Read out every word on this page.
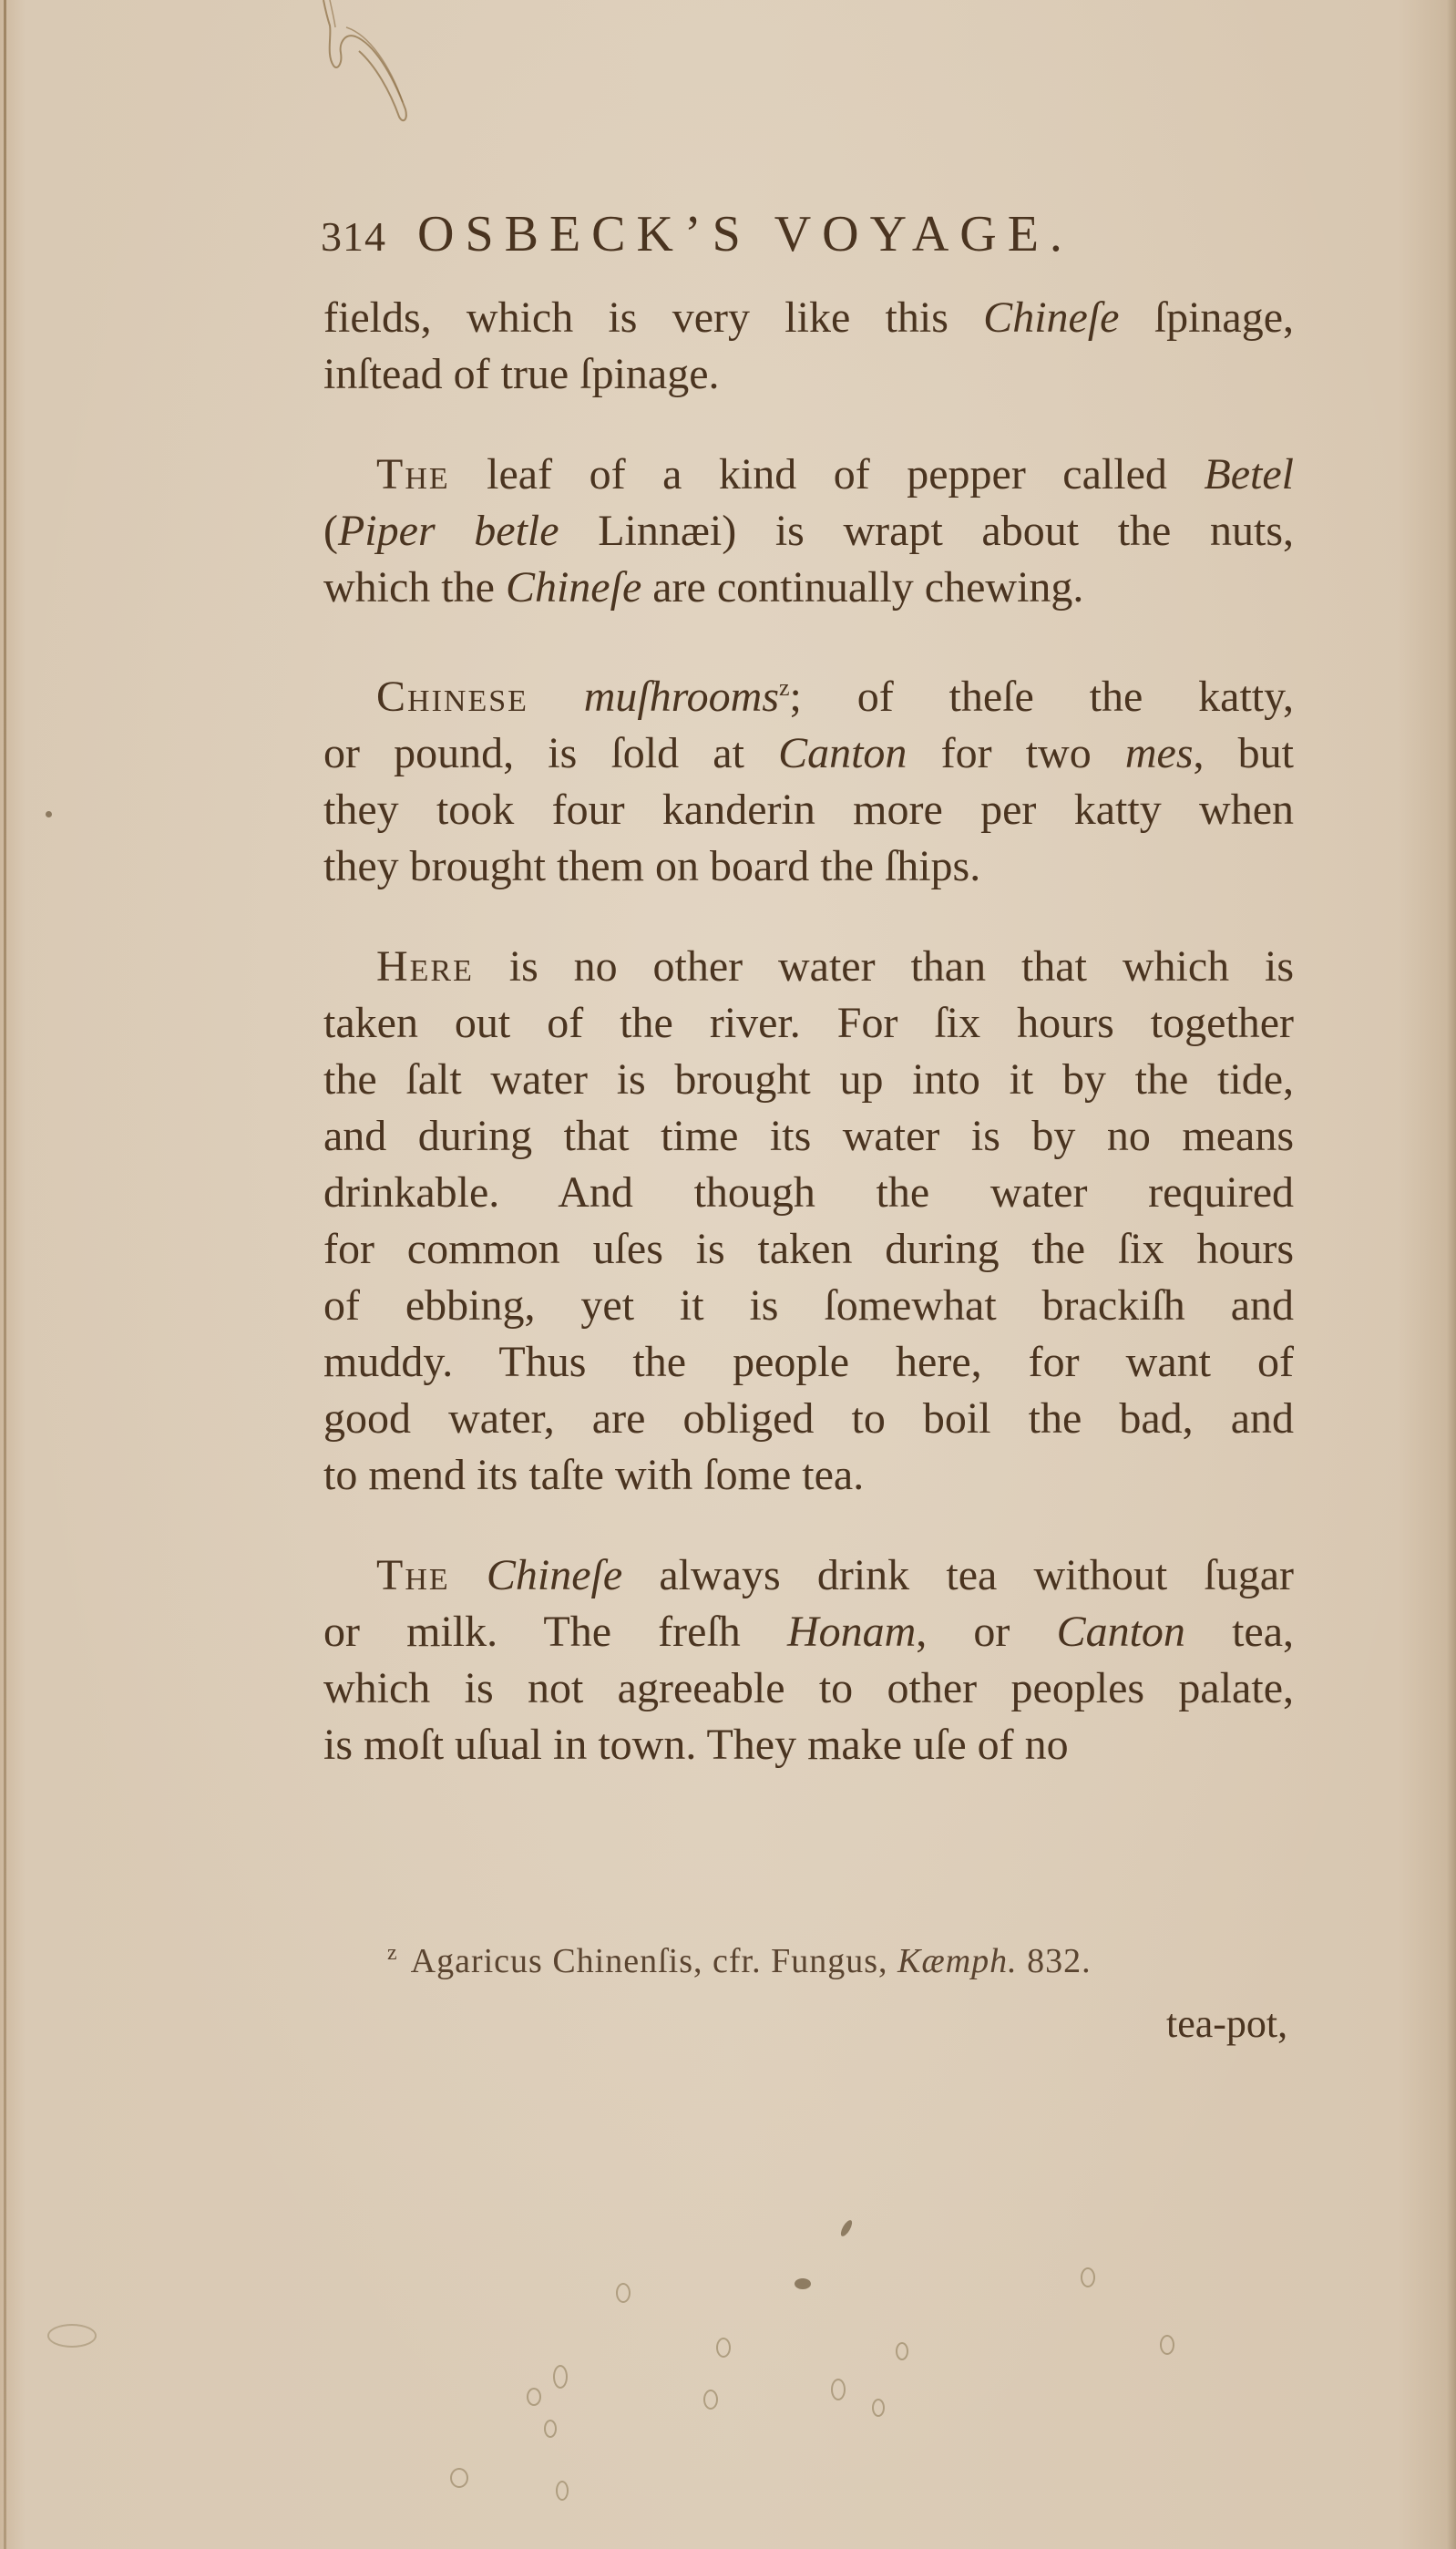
314 OSBECK’S VOYAGE.
fields, which is very like this Chineſe ſpinage,
inſtead of true ſpinage.
The leaf of a kind of pepper called Betel
(Piper betle Linnæi) is wrapt about the nuts,
which the Chineſe are continually chewing.
Chinese muſhrooms$^z$; of theſe the katty,
or pound, is ſold at Canton for two mes, but
they took four kanderin more per katty when
they brought them on board the ſhips.
Here is no other water than that which is
taken out of the river. For ſix hours together
the ſalt water is brought up into it by the tide,
and during that time its water is by no means
drinkable. And though the water required
for common uſes is taken during the ſix hours
of ebbing, yet it is ſomewhat brackiſh and
muddy. Thus the people here, for want of
good water, are obliged to boil the bad, and
to mend its taſte with ſome tea.
The Chineſe always drink tea without ſugar
or milk. The freſh Honam, or Canton tea,
which is not agreeable to other peoples palate,
is moſt uſual in town. They make uſe of no
$^z$ Agaricus Chinenſis, cfr. Fungus, Kæmph. 832.
tea-pot,
